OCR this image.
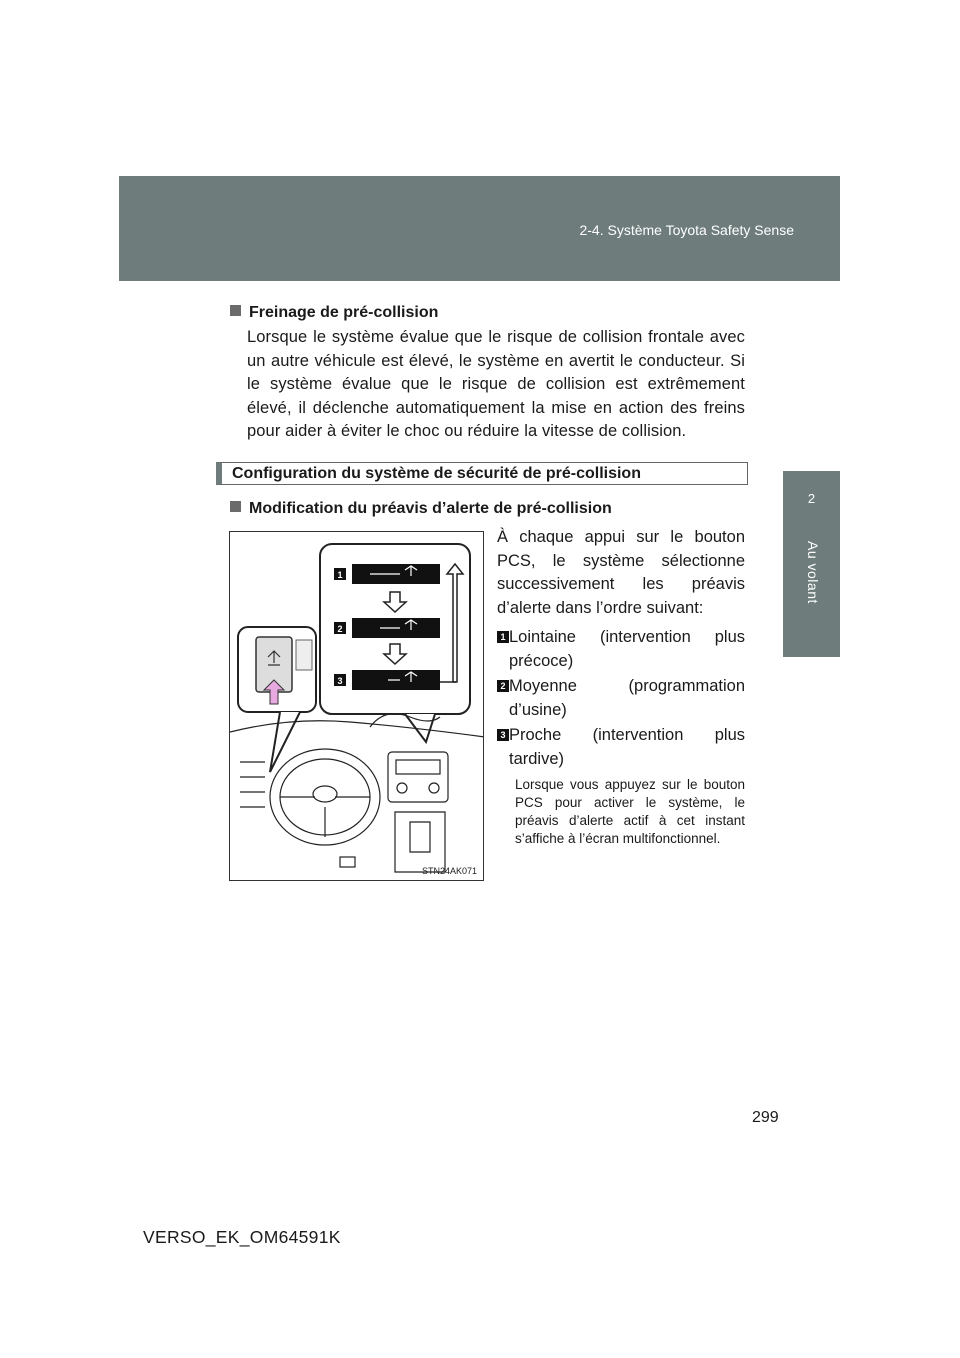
2-4. Système Toyota Safety Sense
2
Au volant
Freinage de pré-collision
Lorsque le système évalue que le risque de collision frontale avec un autre véhicule est élevé, le système en avertit le conducteur. Si le système évalue que le risque de collision est extrêmement élevé, il déclenche automatiquement la mise en action des freins pour aider à éviter le choc ou réduire la vitesse de collision.
Configuration du système de sécurité de pré-collision
Modification du préavis d’alerte de pré-collision
1
2
3
STN24AK071
À chaque appui sur le bouton PCS, le système sélectionne successivement les préavis d’alerte dans l’ordre suivant:
1 Lointaine (intervention plus précoce)
2 Moyenne (programmation d’usine)
3 Proche (intervention plus tardive)
Lorsque vous appuyez sur le bouton PCS pour activer le système, le préavis d’alerte actif à cet instant s’affiche à l’écran multifonctionnel.
299
VERSO_EK_OM64591K
